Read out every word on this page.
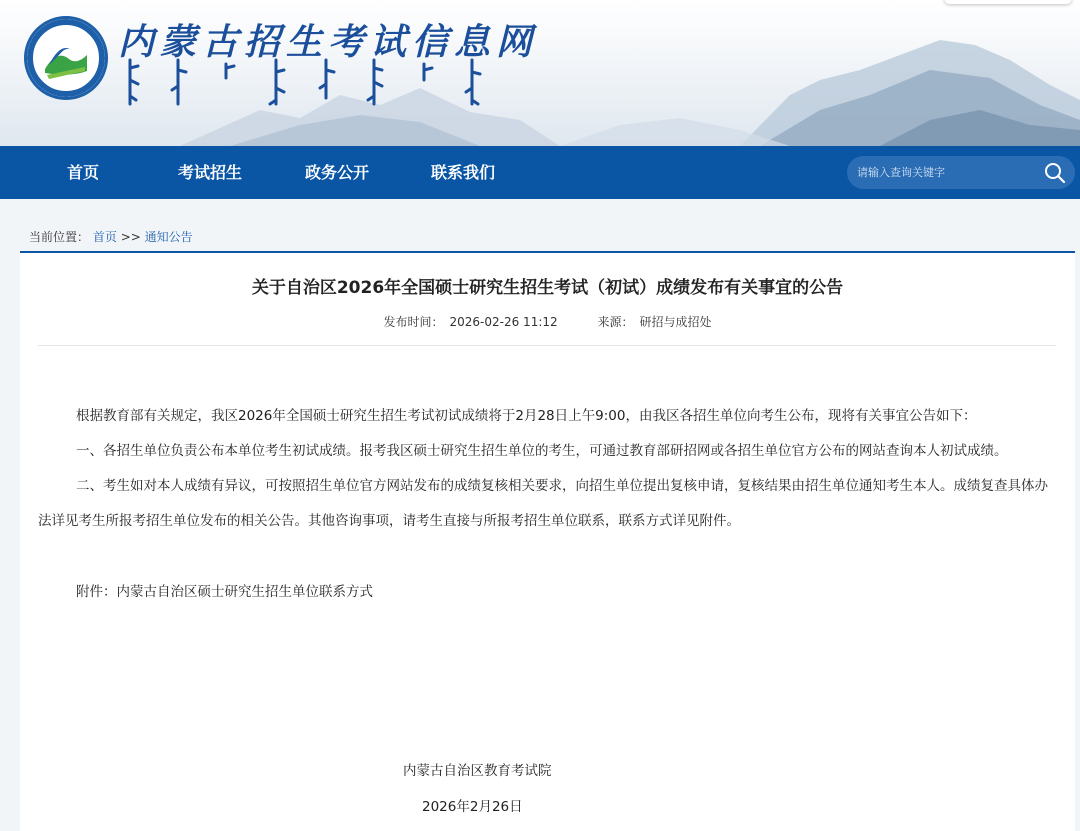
内蒙古招生考试信息网
首页	考试招生	政务公开	联系我们
请输入查询关键字
当前位置： 首页 >> 通知公告
关于自治区2026年全国硕士研究生招生考试（初试）成绩发布有关事宜的公告
发布时间： 2026-02-26 11:12	来源： 研招与成招处
根据教育部有关规定，我区2026年全国硕士研究生招生考试初试成绩将于2月28日上午9:00，由我区各招生单位向考生公布，现将有关事宜公告如下：
一、各招生单位负责公布本单位考生初试成绩。报考我区硕士研究生招生单位的考生，可通过教育部研招网或各招生单位官方公布的网站查询本人初试成绩。
二、考生如对本人成绩有异议，可按照招生单位官方网站发布的成绩复核相关要求，向招生单位提出复核申请，复核结果由招生单位通知考生本人。成绩复查具体办法详见考生所报考招生单位发布的相关公告。其他咨询事项，请考生直接与所报考招生单位联系，联系方式详见附件。
附件：内蒙古自治区硕士研究生招生单位联系方式
内蒙古自治区教育考试院
2026年2月26日
